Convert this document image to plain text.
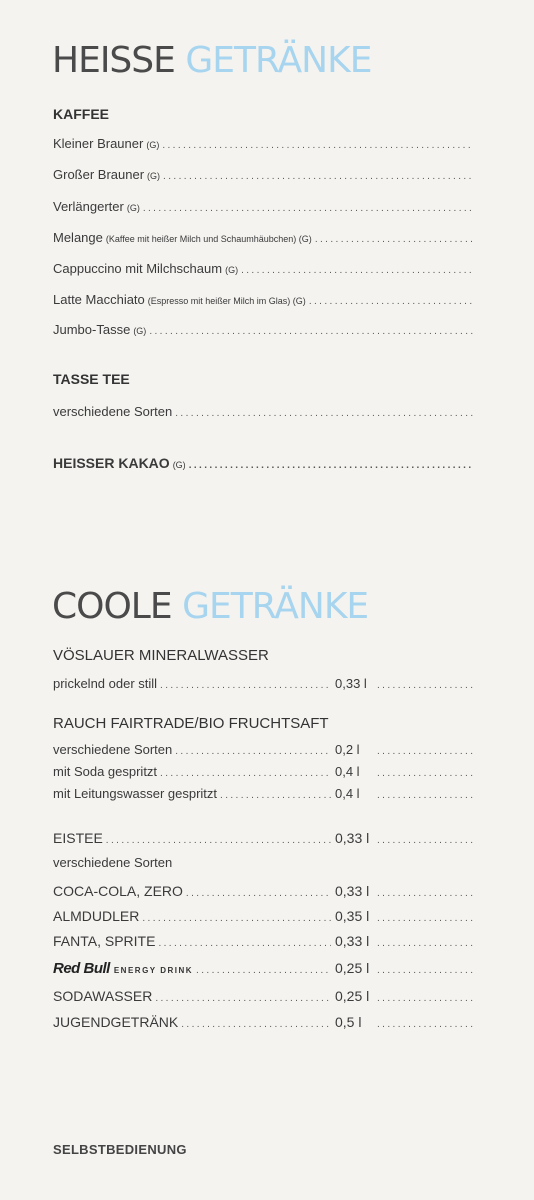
HEISSE GETRÄNKE
KAFFEE
Kleiner Brauner (G)
.....
Großer Brauner (G)
.....
Verlängerter (G)
.....
Melange (Kaffee mit heißer Milch und Schaumhäubchen) (G)
.....
Cappuccino mit Milchschaum (G)
.....
Latte Macchiato (Espresso mit heißer Milch im Glas) (G)
.....
Jumbo-Tasse (G)
.....
TASSE TEE
verschiedene Sorten
.....
HEISSER KAKAO (G)
.....
COOLE GETRÄNKE
VÖSLAUER MINERALWASSER
prickelnd oder still .....	0,33 l
.....
RAUCH FAIRTRADE/BIO FRUCHTSAFT
verschiedene Sorten .....	0,2 l
.....
mit Soda gespritzt .....	0,4 l
.....
mit Leitungswasser gespritzt .....	0,4 l
.....
EISTEE .....	0,33 l
.....
verschiedene Sorten
COCA-COLA, ZERO .....	0,33 l
.....
ALMDUDLER .....	0,35 l
.....
FANTA, SPRITE .....	0,33 l
.....
Red Bull ENERGY DRINK .....	0,25 l
.....
SODAWASSER .....	0,25 l
.....
JUGENDGETRÄNK .....	0,5 l
.....
SELBSTBEDIENUNG
